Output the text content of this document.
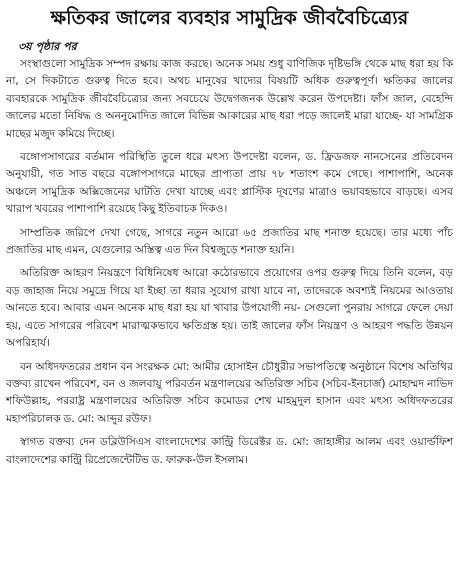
ক্ষতিকর জালের ব্যবহার সামুদ্রিক জীববৈচিত্র্যের
৩য় পৃষ্ঠার পর

সংস্থাগুলো সামুদ্রিক সম্পদ রক্ষায় কাজ করছে। অনেক সময় শুধু বাণিজিক দৃষ্টিভঙ্গি থেকে মাছ ধরা হয় কি না, সে দিকটাতে গুরুত্ব দিতে হবে। অথচ মানুষের খাদ্যের বিষয়টি অধিক গুরুত্বপূর্ণ। ক্ষতিকর জালের ব্যবহারকে সামুদ্রিক জীববৈচিত্র্যের জন্য সবচেয়ে উদ্বেগজনক উল্লেখ করেন উপদেষ্টা। ফাঁস জাল, বেহেন্দি জালের মতো নিষিদ্ধ ও অননুমোদিত জালে বিভিন্ন আকারের মাছ ধরা পড়ে জালেই মারা যাচ্ছে- যা সামগ্রিক মাছের মজুদ কমিয়ে দিচ্ছে।

বঙ্গোপসাগরের বর্তমান পরিস্থিতি তুলে ধরে মৎস্য উপদেষ্টা বলেন, ড. ফ্রিডজফ নানসেনের প্রতিবেদন অনুযায়ী, গত সাত বছরে বঙ্গোপসাগরে মাছের প্রাপ্যতা প্রায় ৭৮ শতাংশ কমে গেছে। পাশাপাশি, অনেক অঞ্চলে সামুদ্রিক অক্সিজেনের ঘাটতি দেখা যাচ্ছে এবং প্লাস্টিক দূষণের মাত্রাও ভয়াবহভাবে বাড়ছে। এসব খারাপ খবরের পাশাপাশি রয়েছে কিছু ইতিবাচক দিকও।

সাম্প্রতিক জরিপে দেখা গেছে, সাগরে নতুন আরো ৬৫ প্রজাতির মাছ শনাক্ত হয়েছে। তার মধ্যে পাঁচ প্রজাতির মাছ এমন, যেগুলোর অস্তিত্ব এত দিন বিশ্বজুড়ে শনাক্ত হয়নি।

অতিরিক্ত আহরণ নিয়ন্ত্রণে বিধিনিষেধ আরো কঠোরভাবে প্রয়োগের ওপর গুরুত্ব দিয়ে তিনি বলেন, বড় বড় জাহাজ নিয়ে সমুদ্রে গিয়ে যা ইচ্ছা তা ধরার সুযোগ রাখা যাবে না, তাদেরকে অবশ্যই নিয়মের আওতায় আনতে হবে। আবার এমন অনেক মাছ ধরা হয় যা খাবার উপযোগী নয়- সেগুলো পুনরায় সাগরে ফেলে দেয়া হয়, এতে সাগরের পরিবেশ মারাত্মকভাবে ক্ষতিগ্রস্ত হয়। তাই জালের ফাঁস নিয়ন্ত্রণ ও আহরণ পদ্ধতি উন্নয়ন অপরিহার্য।

বন অধিদফতরের প্রধান বন সংরক্ষক মো: আমীর হোসাইন চৌধুরীর সভাপতিত্বে অনুষ্ঠানে বিশেষ অতিথির বক্তব্য রাখেন পরিবেশ, বন ও জলবায়ু পরিবর্তন মন্ত্রণালয়ের অতিরিক্ত সচিব (সচিব-ইনচার্জ) মোহাম্মদ নাভিদ শফিউল্লাহ, পররাষ্ট্র মন্ত্রণালয়ের অতিরিক্ত সচিব কমোডর শেখ মাহমুদুল হাসান এবং মৎস্য অধিদফতরের মহাপরিচালক ড. মো: আব্দুর রউফ।

স্বাগত বক্তব্য দেন ডব্লিউসিএস বাংলাদেশের কান্ট্রি ডিরেক্টর ড. মো: জাহাঙ্গীর আলম এবং ওয়ার্ল্ডফিশ বাংলাদেশের কান্ট্রি রিপ্রেজেন্টেটিভ ড. ফারুক-উল ইসলাম।
